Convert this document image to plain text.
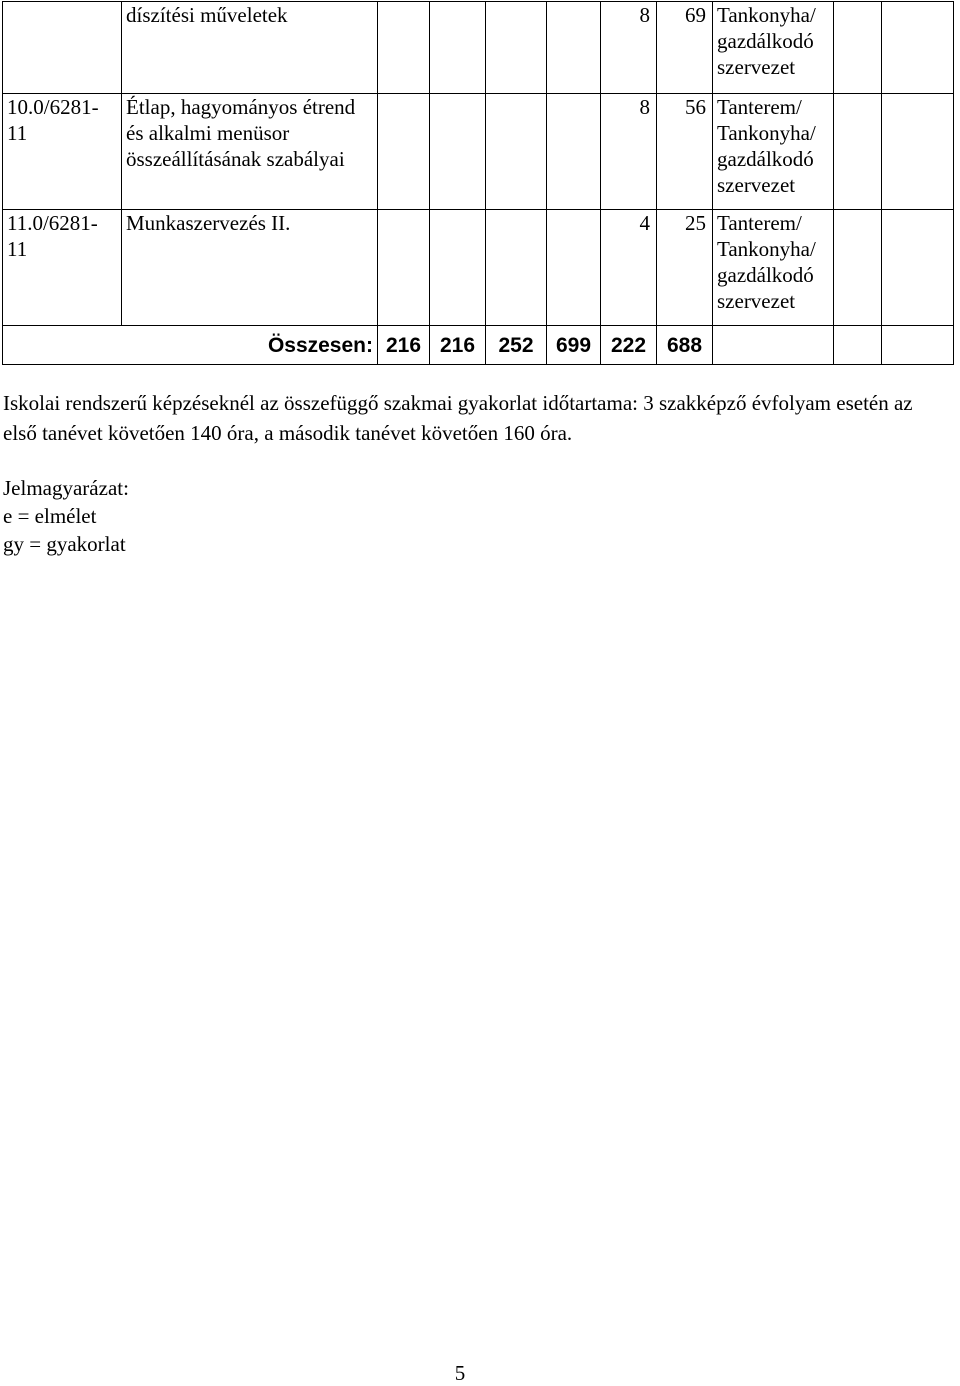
	díszítési műveletek					8	69	Tankonyha/
gazdálkodó
szervezet		

10.0/6281-11	Étlap, hagyományos étrend és alkalmi menüsor összeállításának szabályai					8	56	Tanterem/
Tankonyha/
gazdálkodó
szervezet		

11.0/6281-11	Munkaszervezés II.					4	25	Tanterem/
Tankonyha/
gazdálkodó
szervezet		

Összesen:		216	216	252	699	222	688			
Iskolai rendszerű képzéseknél az összefüggő szakmai gyakorlat időtartama: 3 szakképző évfolyam esetén az első tanévet követően 140 óra, a második tanévet követően 160 óra.
Jelmagyarázat:
e = elmélet
gy = gyakorlat
5
